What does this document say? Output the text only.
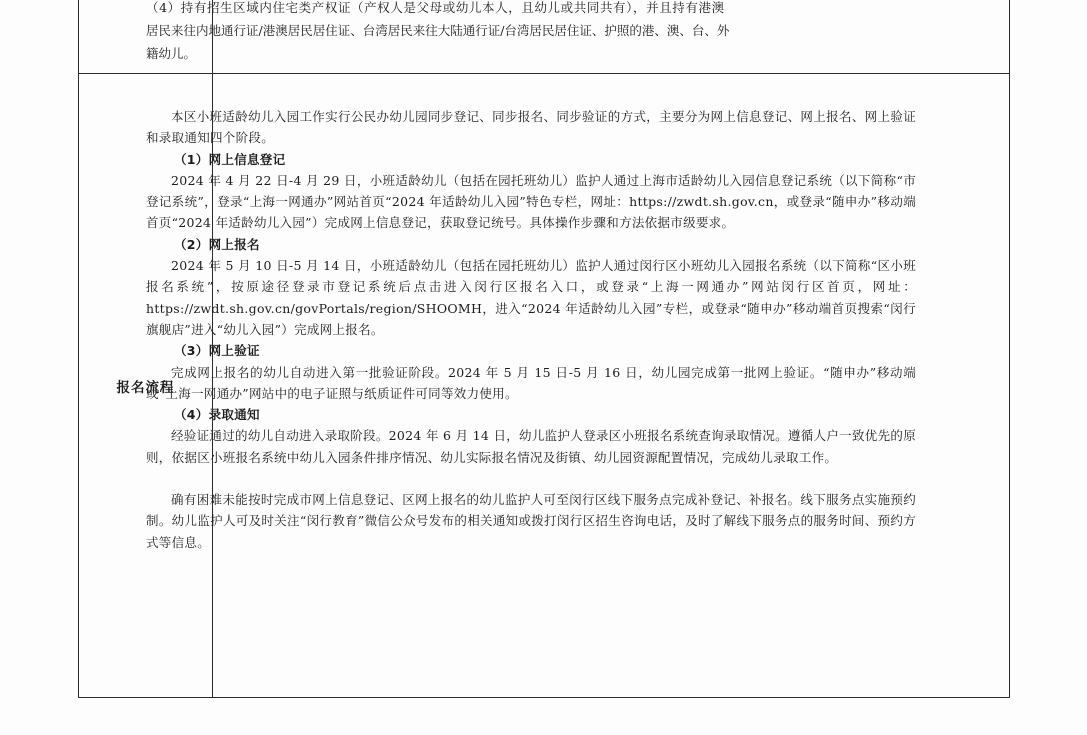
报名流程
（4）持有招生区域内住宅类产权证（产权人是父母或幼儿本人，且幼儿或共同共有），并且持有港澳
居民来往内地通行证/港澳居民居住证、台湾居民来往大陆通行证/台湾居民居住证、护照的港、澳、台、外
籍幼儿。

本区小班适龄幼儿入园工作实行公民办幼儿园同步登记、同步报名、同步验证的方式，主要分为网上信息登记、网上报名、网上验证和录取通知四个阶段。

（1）网上信息登记

2024 年 4 月 22 日-4 月 29 日，小班适龄幼儿（包括在园托班幼儿）监护人通过上海市适龄幼儿入园信息登记系统（以下简称“市登记系统”，登录“上海一网通办”网站首页“2024 年适龄幼儿入园”特色专栏，网址：https://zwdt.sh.gov.cn，或登录“随申办”移动端首页“2024 年适龄幼儿入园”）完成网上信息登记，获取登记统号。具体操作步骤和方法依据市级要求。

（2）网上报名

2024 年 5 月 10 日-5 月 14 日，小班适龄幼儿（包括在园托班幼儿）监护人通过闵行区小班幼儿入园报名系统（以下简称“区小班报名系统”，按原途径登录市登记系统后点击进入闵行区报名入口，或登录“上海一网通办”网站闵行区首页，网址：https://zwdt.sh.gov.cn/govPortals/region/SHOOMH，进入“2024 年适龄幼儿入园”专栏，或登录“随申办”移动端首页搜索“闵行旗舰店”进入“幼儿入园”）完成网上报名。

（3）网上验证

完成网上报名的幼儿自动进入第一批验证阶段。2024 年 5 月 15 日-5 月 16 日，幼儿园完成第一批网上验证。“随申办”移动端或“上海一网通办”网站中的电子证照与纸质证件可同等效力使用。

（4）录取通知

经验证通过的幼儿自动进入录取阶段。2024 年 6 月 14 日，幼儿监护人登录区小班报名系统查询录取情况。遵循人户一致优先的原则，依据区小班报名系统中幼儿入园条件排序情况、幼儿实际报名情况及街镇、幼儿园资源配置情况，完成幼儿录取工作。

确有困难未能按时完成市网上信息登记、区网上报名的幼儿监护人可至闵行区线下服务点完成补登记、补报名。线下服务点实施预约制。幼儿监护人可及时关注“闵行教育”微信公众号发布的相关通知或拨打闵行区招生咨询电话，及时了解线下服务点的服务时间、预约方式等信息。
